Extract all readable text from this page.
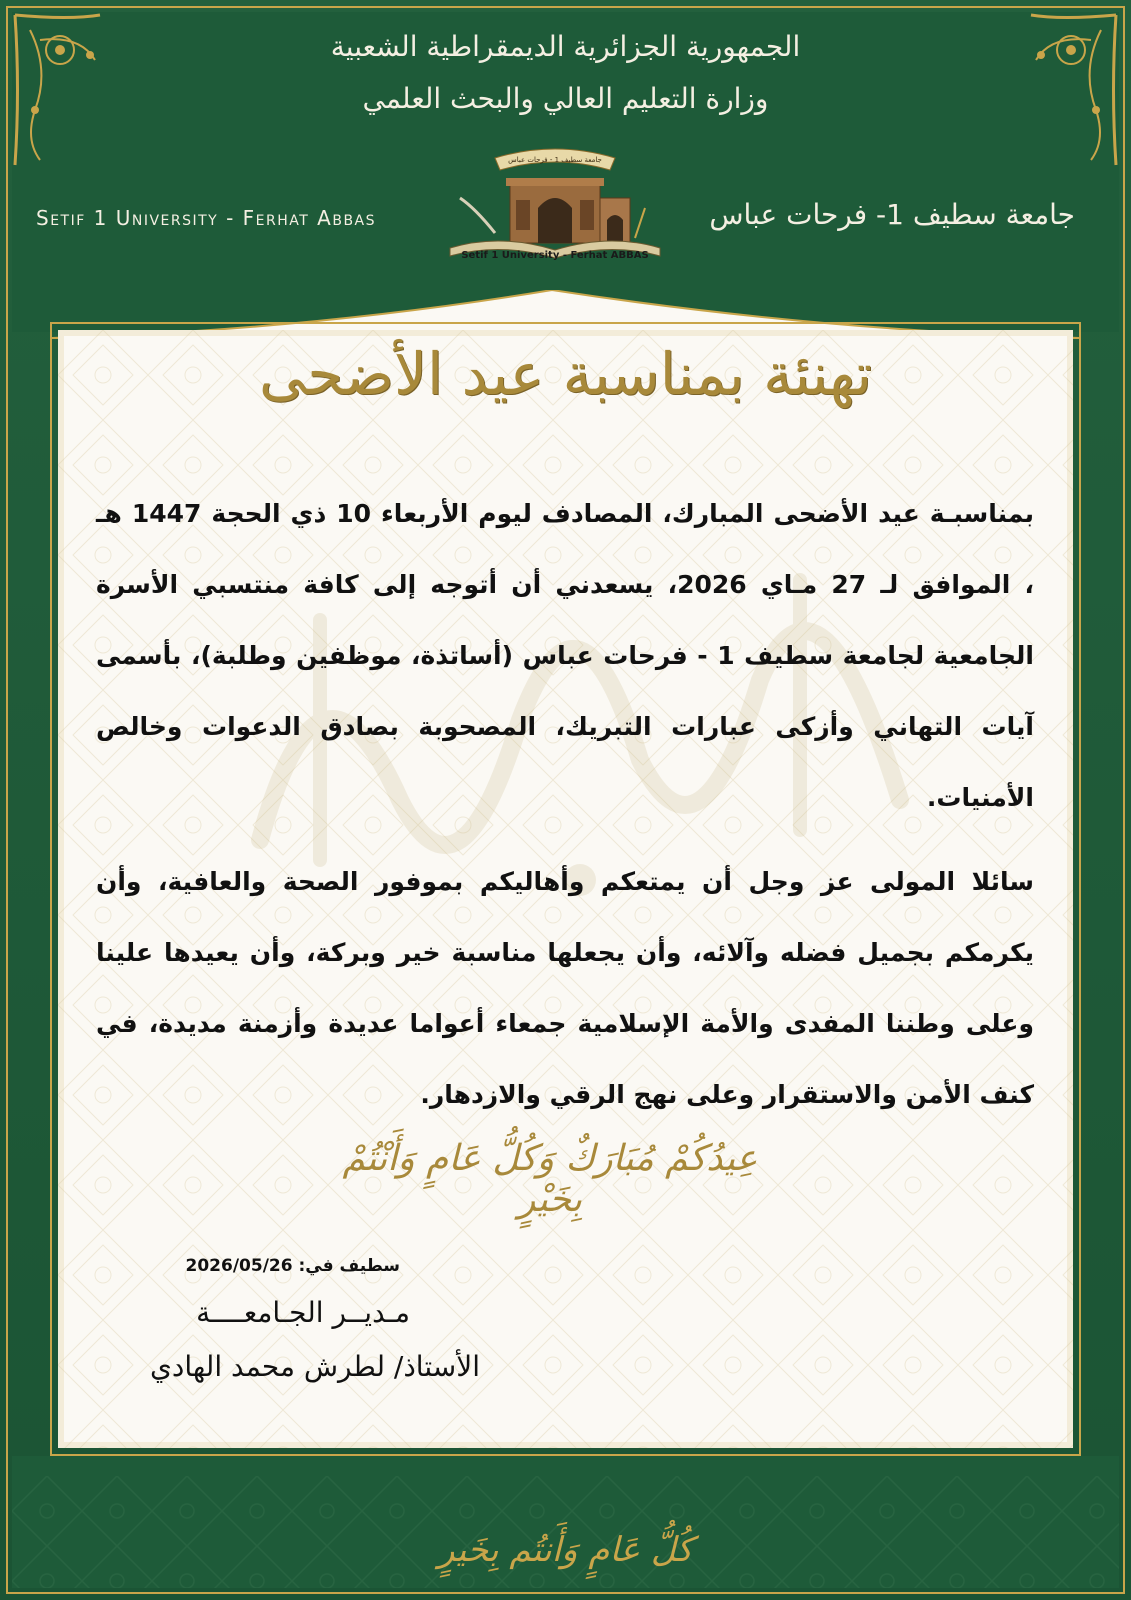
الجمهورية الجزائرية الديمقراطية الشعبية
وزارة التعليم العالي والبحث العلمي
Setif 1 University - Ferhat Abbas	جامعة سطيف 1- فرحات عباس
جامعة سطيف 1 - فرحات عباس
Setif 1 University - Ferhat ABBAS
تهنئة بمناسبة عيد الأضحى
بمناسبـة عيد الأضحى المبارك، المصادف ليوم الأربعاء 10 ذي الحجة 1447 هـ ، الموافق لـ 27 مـاي 2026، يسعدني أن أتوجه إلى كافة منتسبي الأسرة الجامعية لجامعة سطيف 1 - فرحات عباس (أساتذة، موظفين وطلبة)، بأسمى آيات التهاني وأزكى عبارات التبريك، المصحوبة بصادق الدعوات وخالص الأمنيات.
سائلا المولى عز وجل أن يمتعكم وأهاليكم بموفور الصحة والعافية، وأن يكرمكم بجميل فضله وآلائه، وأن يجعلها مناسبة خير وبركة، وأن يعيدها علينا وعلى وطننا المفدى والأمة الإسلامية جمعاء أعواما عديدة وأزمنة مديدة، في كنف الأمن والاستقرار وعلى نهج الرقي والازدهار.
عِيدُكُمْ مُبَارَكٌ وَكُلُّ عَامٍ وَأَنْتُمْ بِخَيْرٍ
سطيف في: 2026/05/26
مـديــر الجـامعــــة
الأستاذ/ لطرش محمد الهادي
كُلُّ عَامٍ وَأَنتُم بِخَيرٍ
